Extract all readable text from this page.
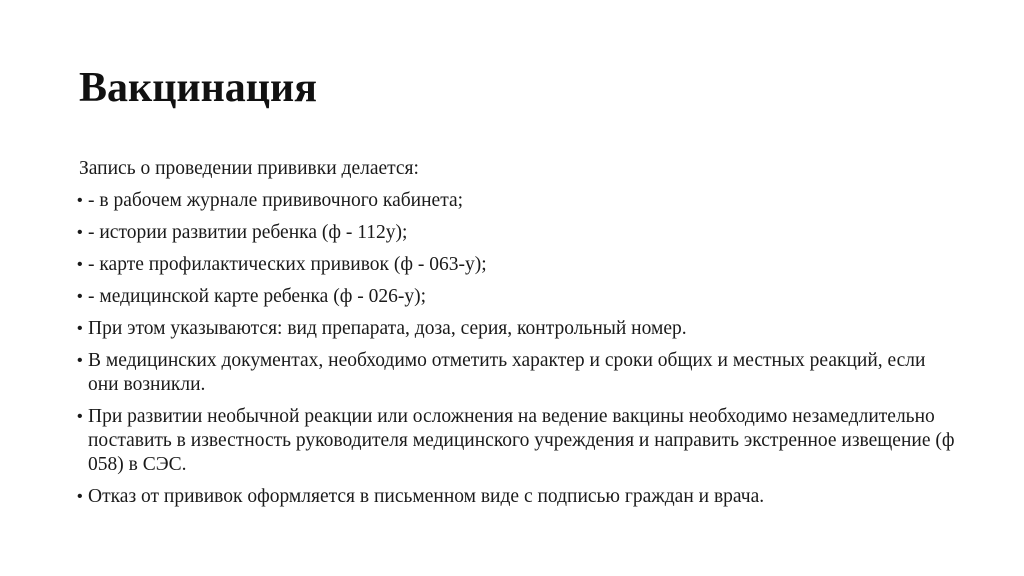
Вакцинация

Запись о проведении прививки делается:

• - в рабочем журнале прививочного кабинета;
• - истории развитии ребенка (ф - 112у);
• - карте профилактических прививок (ф - 063-у);
• - медицинской карте ребенка (ф - 026-у);
• При этом указываются: вид препарата, доза, серия, контрольный номер.
• В медицинских документах, необходимо отметить характер и сроки общих и местных реакций, если они возникли.
• При развитии необычной реакции или осложнения на ведение вакцины необходимо незамедлительно поставить в известность руководителя медицинского учреждения и направить экстренное извещение (ф 058) в СЭС.
• Отказ от прививок оформляется в письменном виде с подписью граждан и врача.
